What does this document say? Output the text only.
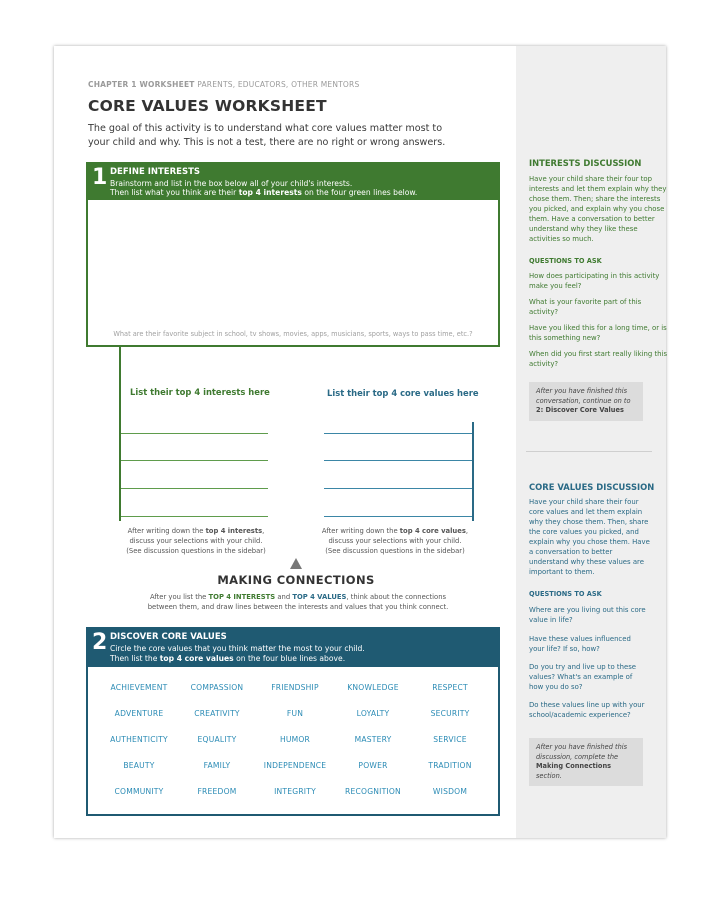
CHAPTER 1 WORKSHEET PARENTS, EDUCATORS, OTHER MENTORS
CORE VALUES WORKSHEET
The goal of this activity is to understand what core values matter most to
your child and why. This is not a test, there are no right or wrong answers.
1 DEFINE INTERESTS
Brainstorm and list in the box below all of your child's interests.
Then list what you think are their top 4 interests on the four green lines below.
What are their favorite subject in school, tv shows, movies, apps, musicians, sports, ways to pass time, etc.?
List their top 4 interests here	List their top 4 core values here
After writing down the top 4 interests,
discuss your selections with your child.
(See discussion questions in the sidebar)
After writing down the top 4 core values,
discuss your selections with your child.
(See discussion questions in the sidebar)
MAKING CONNECTIONS
After you list the TOP 4 INTERESTS and TOP 4 VALUES, think about the connections
between them, and draw lines between the interests and values that you think connect.
2 DISCOVER CORE VALUES
Circle the core values that you think matter the most to your child.
Then list the top 4 core values on the four blue lines above.
ACHIEVEMENT	COMPASSION	FRIENDSHIP	KNOWLEDGE	RESPECT
ADVENTURE	CREATIVITY	FUN	LOYALTY	SECURITY
AUTHENTICITY	EQUALITY	HUMOR	MASTERY	SERVICE
BEAUTY	FAMILY	INDEPENDENCE	POWER	TRADITION
COMMUNITY	FREEDOM	INTEGRITY	RECOGNITION	WISDOM
INTERESTS DISCUSSION
Have your child share their four top interests and let them explain why they chose them. Then; share the interests you picked, and explain why you chose them. Have a conversation to better understand why they like these activities so much.
QUESTIONS TO ASK
How does participating in this activity make you feel?
What is your favorite part of this activity?
Have you liked this for a long time, or is this something new?
When did you first start really liking this activity?
After you have finished this conversation, continue on to
2: Discover Core Values
CORE VALUES DISCUSSION
Have your child share their four core values and let them explain why they chose them. Then, share the core values you picked, and explain why you chose them. Have a conversation to better understand why these values are important to them.
QUESTIONS TO ASK
Where are you living out this core value in life?
Have these values influenced your life? If so, how?
Do you try and live up to these values? What's an example of how you do so?
Do these values line up with your school/academic experience?
After you have finished this discussion, complete the
Making Connections section.
